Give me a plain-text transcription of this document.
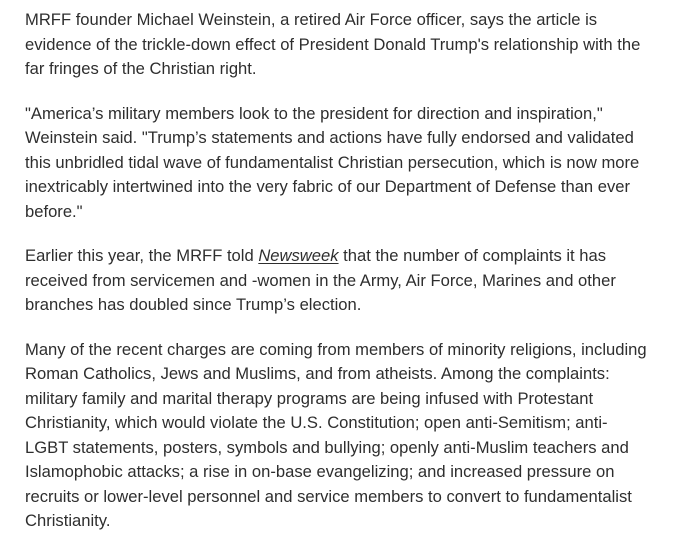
MRFF founder Michael Weinstein, a retired Air Force officer, says the article is
evidence of the trickle-down effect of President Donald Trump's relationship with the
far fringes of the Christian right.

"America’s military members look to the president for direction and inspiration,"
Weinstein said. "Trump’s statements and actions have fully endorsed and validated
this unbridled tidal wave of fundamentalist Christian persecution, which is now more
inextricably intertwined into the very fabric of our Department of Defense than ever
before."

Earlier this year, the MRFF told Newsweek that the number of complaints it has
received from servicemen and -women in the Army, Air Force, Marines and other
branches has doubled since Trump’s election.

Many of the recent charges are coming from members of minority religions, including
Roman Catholics, Jews and Muslims, and from atheists. Among the complaints:
military family and marital therapy programs are being infused with Protestant
Christianity, which would violate the U.S. Constitution; open anti-Semitism; anti-
LGBT statements, posters, symbols and bullying; openly anti-Muslim teachers and
Islamophobic attacks; a rise in on-base evangelizing; and increased pressure on
recruits or lower-level personnel and service members to convert to fundamentalist
Christianity.
